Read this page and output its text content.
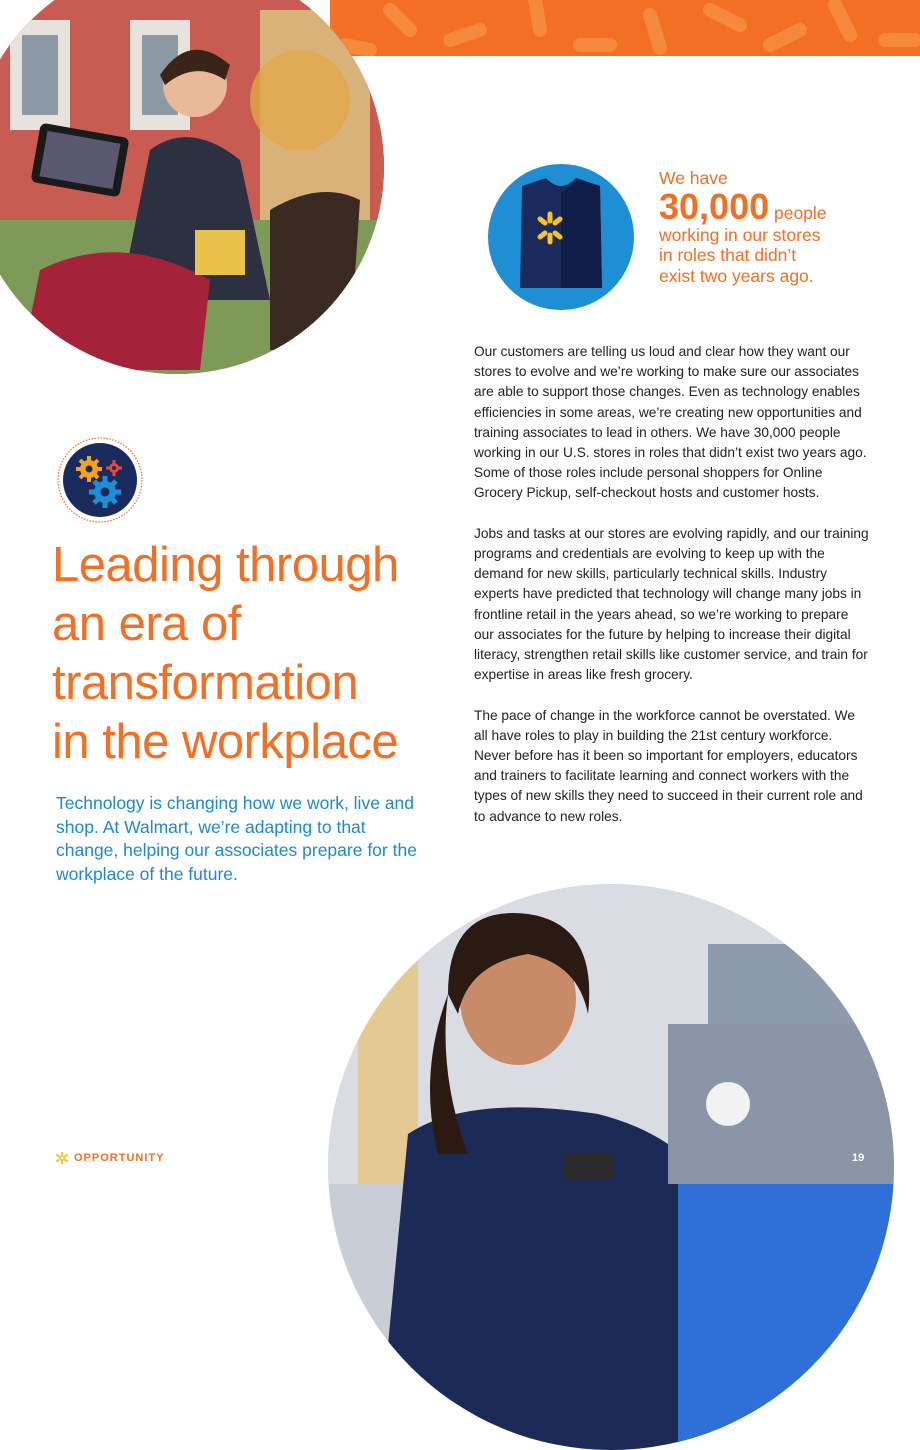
We have
30,000 people
working in our stores
in roles that didn’t
exist two years ago.

Our customers are telling us loud and clear how they want our stores to evolve and we’re working to make sure our associates are able to support those changes. Even as technology enables efficiencies in some areas, we’re creating new opportunities and training associates to lead in others. We have 30,000 people working in our U.S. stores in roles that didn’t exist two years ago. Some of those roles include personal shoppers for Online Grocery Pickup, self-checkout hosts and customer hosts.

Jobs and tasks at our stores are evolving rapidly, and our training programs and credentials are evolving to keep up with the demand for new skills, particularly technical skills. Industry experts have predicted that technology will change many jobs in frontline retail in the years ahead, so we’re working to prepare our associates for the future by helping to increase their digital literacy, strengthen retail skills like customer service, and train for expertise in areas like fresh grocery.

The pace of change in the workforce cannot be overstated. We all have roles to play in building the 21st century workforce. Never before has it been so important for employers, educators and trainers to facilitate learning and connect workers with the types of new skills they need to succeed in their current role and to advance to new roles.

Leading through
an era of
transformation
in the workplace
Technology is changing how we work, live and shop. At Walmart, we’re adapting to that change, helping our associates prepare for the workplace of the future.
OPPORTUNITY	19
